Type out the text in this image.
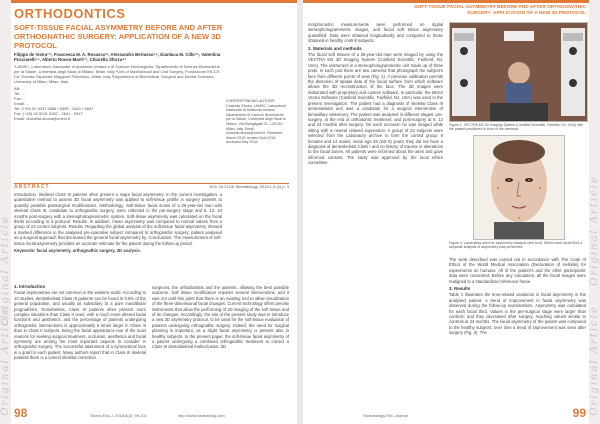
Original Article
Original Article
ORTHODONTICS
SOFT-TISSUE FACIAL ASYMMETRY BEFORE AND AFTER ORTHOGNATHIC SURGERY: APPLICATION OF A NEW 3D PROTOCOL
Filippo de Vieira¹²³, Francesca M. A. Rosasco²³, Alessandro Bertasso⁴⁵, Gianluca M. Cillo¹²³, Valentina Pucciarelli⁴⁵, Alberto Rosso-Marti¹²³, Chiarella Sforza⁴⁵
¹LAMSC, Laboratorio Nazionale di Anatomia Umana e di Scienze Morfologiche, Dipartimento di Scienze Biomediche per la Salute, Università degli Studi di Milano, Milan, Italy ²Unit of Maxillofacial and Oral Surgery, Fondazione IRCCS Ca' Granda Ospedale Maggiore Policlinico, Milan, Italy ³Department of Biomedical, Surgical and Dental Sciences, University of Milan, Milan, Italy
AB: ...
Tel: ...
Fax: ...
Email: ...
Tel: (+39) 02 5031 5386 / 5395 - 2641 / 5847
Fax: (+39) 02 5031 5387 - 2641 - 5347
Email: chiarella.sforza@unimi.it
ABSTRACT	DOI: 10.2124/ Stomatology. 2018.1.0 (2) p. 3

Introduction. Skeletal Class III patients often present a major facial asymmetry. In the current investigation, a quantitative method to assess 3D facial asymmetry was applied to soft-tissue profile in surgery patients to quantify possible postsurgical modifications. Methodology. Soft-tissue facial scans of a 26-year-old man with skeletal Class III, candidate to orthognathic surgery, were collected in the pre-surgery stage and 6, 12, 24 months post-surgery with a stereophotogrammetric system. Soft-tissue asymmetry was calculated on the facial thirds according to a protocol. Results. In addition, mean asymmetry was compared to normal values from a group of 23 control subjects. Results. Regarding the global analysis of the soft-tissue facial asymmetry showed a marked difference in the analysed pre-operative subject compared to orthognathic surgery; patient analysed as a surgical approach that decreased the general facial asymmetry by. Conclusions. The measurement of soft-tissue facial asymmetry provides an accurate estimate for the patient during the follow-up period.

Keywords: facial asymmetry, orthognathic surgery, 3D analysis.

CORRESPONDING AUTHOR: Chiarella Sforza, LAMSC, Laboratorio Nazionale di Anatomia Umana, Dipartimento di Scienze Biomediche per la Salute, Università degli Studi di Milano, Via Mangiagalli 31, I-20133 Milan, Italy. Email: chiarella.sforza@unimi.it. Received March 2018, revised April 2018, accepted May 2018.
1. Introduction

Facial asymmetries are not common in the western world. According to 10 studies, dentoskeletal Class III patients can be found in 0.8% of the general population, and usually as subsidiary to a pure mandibular prognathism. Nonetheless, Class III patients often present more complex situations than Class II ones, with a much more altered facial functions and aesthetics, and the percentage of patients undergoing orthognathic interventions is approximately 5 times larger in Class III than in Class II subjects. Being the facial appearance one of the main reasons for seeking surgical treatment, occlusion, aesthetics and facial symmetry are among the most important aspects to consider in orthognathic surgery. The successful attainment of a symmetrical face is a goal for each patient. Many authors report that in Class III skeletal patients there is a correct skeletal correction.

surgeons, the orthodontists and the patients, allowing the best possible outcome. Soft tissue modification requires several interventions, and it was not until this point that there is an existing tool to allow visualization of the three-dimensional facial changes. Current technology offers precise instruments that allow the performing of 3D imaging of the soft tissue and of its changes. Accordingly, the aim of the present study was to introduce a new 3D asymmetry protocol, to be used for the soft-tissue evaluation of patients undergoing orthognathic surgery. Indeed, the need for surgical planning is important, as a slight facial asymmetry is present also in healthy subjects. In the present paper, the soft-tissue facial asymmetry of a patient undergoing a combined orthognathic treatment to correct a Class III dentoskeletal malocclusion, 3D

Stoma Edu J. 2018;5(2): 99-101	http://www.stomaeduj.com
98
Original Article
Original Article
SOFT-TISSUE FACIAL ASYMMETRY BEFORE AND AFTER ORTHOGNATHIC SURGERY: APPLICATION OF A NEW 3D PROTOCOL

morphometric measurements were performed on digital stereophotogrammetric images, and facial soft tissue asymmetry quantified. Data were obtained longitudinally and compared to those obtained in healthy control subjects.

2. Materials and methods

The facial soft tissues of a 26-year-old man were imaged by using the VECTRA M3 3D Imaging System (Canfield Scientific, Fairfield, NJ, USA). The instrument is a stereophotogrammetric unit made up of three pods. In each pod there are two cameras that photograph the subject's face from different points of view (Fig. 1). A previous calibration permits the detection of spatial data of the facial surface from which software allows the 3D reconstruction of the face. The 3D images were elaborated with proprietary and custom software. In particular, the Mirror Vectra Software (Canfield Scientific, Fairfield, NJ, USA) was used in the present investigation. The patient had a diagnosis of skeletal Class III dentoskeletal and was a candidate for a surgical intervention of bimaxillary osteotomy. The patient was analysed in different stages: pre-surgery, at the end of orthodontic treatment, and post-surgery at 6, 12 and 24 months after surgery. On each occasion he was imaged while sitting with a neutral relaxed expression. A group of 23 subjects were selected from the Laboratory archive to form the control group: 9 females and 14 males; mean age 26 (SD 6) years; they did not have a diagnosis of dentoskeletal Class I and no history of trauma or alterations to the facial bones. All patients were informed about the aims and gave informed consent. The study was approved by the local ethics committee.

Figure 1. VECTRA M3 3D Imaging System (Canfield Scientific, Fairfield, NJ, USA) with the patient positioned in front of the cameras.
Figure 2. Landmarks used for asymmetry analysis (see text). Within each facial third a separate analysis of asymmetry was performed.

The work described was carried out in accordance with The Code of Ethics of the World Medical Association (Declaration of Helsinki) for experiments on humans. All of the patient's and the other participants' data were consented. Before any calculation, all the facial images were realigned to a standardized reference frame.

3. Results

Table 1 illustrates the time-related variations in facial asymmetry in the analysed patient. A trend of improvement in facial asymmetry was observed during the follow-up examinations. Asymmetry was calculated for each facial third. Values in the pre-surgical stage were larger than controls; and they decreased after surgery, reaching values similar to controls at 24 months. The facial asymmetry of the patient was compared to the healthy subjects; over time a trend of improvement was seen after surgery (Fig. 3). The

Stomatology Edu Journal	99
